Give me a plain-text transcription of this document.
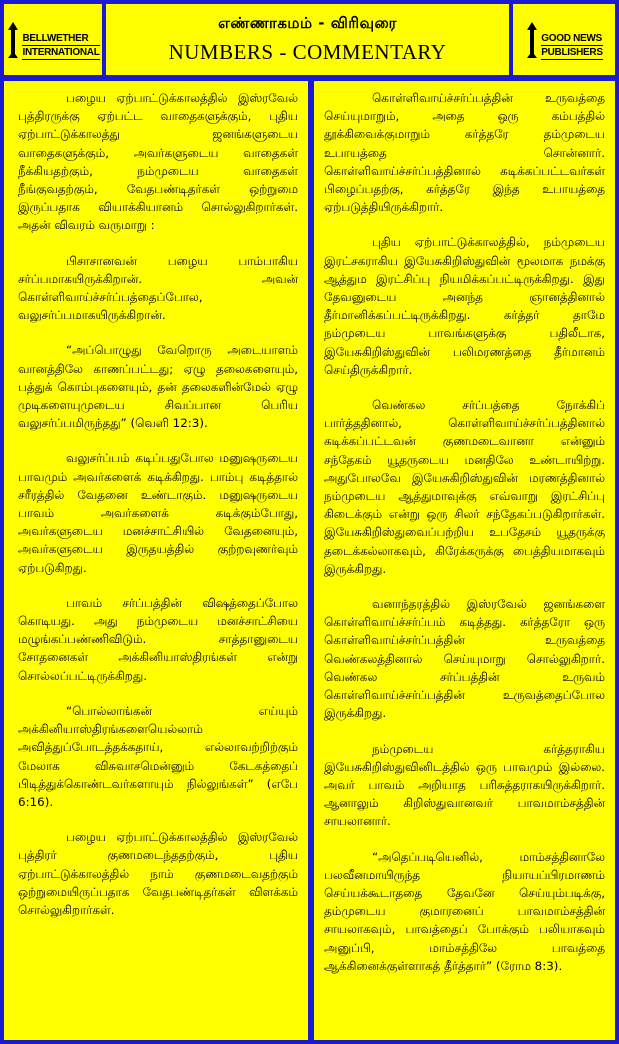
BELLWETHER
INTERNATIONAL
எண்ணாகமம் - விரிவுரை
NUMBERS - COMMENTARY
GOOD NEWS
PUBLISHERS

பழைய ஏற்பாட்டுக்காலத்தில் இஸ்ரவேல் புத்திரருக்கு ஏற்பட்ட வாதைகளுக்கும், புதிய ஏற்பாட்டுக்காலத்து ஜனங்களுடைய வாதைகளுக்கும், அவர்களுடைய வாதைகள் நீக்கியதற்கும், நம்முடைய வாதைகள் நீங்குவதற்கும், வேதபண்டிதர்கள் ஒற்றுமை இருப்பதாக வியாக்கியானம் சொல்லுகிறார்கள். அதன் விவரம் வருமாறு :

பிசாசானவன் பழைய பாம்பாகிய சர்ப்பமாகயிருக்கிறான். அவன் கொள்ளிவாய்ச்சர்ப்பத்தைப்போல, வலுசர்ப்பமாகயிருக்கிறான்.

“அப்பொழுது வேறொரு அடையாளம் வானத்திலே காணப்பட்டது; ஏழு தலைகளையும், பத்துக் கொம்புகளையும், தன் தலைகளின்மேல் ஏழு முடிகளையுமுடைய சிவப்பான பெரிய வலுசர்ப்பமிருந்தது” (வெளி 12:3).

வலுசர்ப்பம் கடிப்பதுபோல மனுஷருடைய பாவமும் அவர்களைக் கடிக்கிறது. பாம்பு கடித்தால் சரீரத்தில் வேதனை உண்டாகும். மனுஷருடைய பாவம் அவர்களைக் கடிக்கும்போது, அவர்களுடைய மனச்சாட்சியில் வேதனையும், அவர்களுடைய இருதயத்தில் குற்றவுணர்வும் ஏற்படுகிறது.

பாவம் சர்ப்பத்தின் விஷத்தைப்போல கொடியது. அது நம்முடைய மனச்சாட்சியை மழுங்கப்பண்ணிவிடும். சாத்தானுடைய சோதனைகள் அக்கினியாஸ்திரங்கள் என்று சொல்லப்பட்டிருக்கிறது.

“பொல்லாங்கன் எய்யும் அக்கினியாஸ்திரங்களையெல்லாம் அவித்துப்போடத்தக்கதாய், எல்லாவற்றிற்கும் மேலாக விசுவாசமென்னும் கேடகத்தைப் பிடித்துக்கொண்டவர்களாயும் நில்லுங்கள்” (எபே 6:16).

பழைய ஏற்பாட்டுக்காலத்தில் இஸ்ரவேல் புத்திரர் குணமடைந்ததற்கும், புதிய ஏற்பாட்டுக்காலத்தில் நாம் குணமடைவதற்கும் ஒற்றுமையிருப்பதாக வேதபண்டிதர்கள் விளக்கம் சொல்லுகிறார்கள்.

கொள்ளிவாய்ச்சர்ப்பத்தின் உருவத்தை செய்யுமாறும், அதை ஒரு கம்பத்தில் தூக்கிவைக்குமாறும் கர்த்தரே தம்முடைய உபாயத்தை சொன்னார். கொள்ளிவாய்ச்சர்ப்பத்தினால் கடிக்கப்பட்டவர்கள் பிழைப்பதற்கு, கர்த்தரே இந்த உபாயத்தை ஏற்படுத்தியிருக்கிறார்.

புதிய ஏற்பாட்டுக்காலத்தில், நம்முடைய இரட்சகராகிய இயேசுகிறிஸ்துவின் மூலமாக நமக்கு ஆத்தும இரட்சிப்பு நியமிக்கப்பட்டிருக்கிறது. இது தேவனுடைய அனந்த ஞானத்தினால் தீர்மானிக்கப்பட்டிருக்கிறது. கர்த்தர் தாமே நம்முடைய பாவங்களுக்கு பதிலீடாக, இயேசுகிறிஸ்துவின் பலிமரணத்தை தீர்மானம் செய்திருக்கிறார்.

வெண்கல சர்ப்பத்தை நோக்கிப் பார்த்ததினால், கொள்ளிவாய்ச்சர்ப்பத்தினால் கடிக்கப்பட்டவன் குணமடைவானா என்னும் சந்தேகம் யூதருடைய மனதிலே உண்டாயிற்று. அதுபோலவே இயேசுகிறிஸ்துவின் மரணத்தினால் நம்முடைய ஆத்துமாவுக்கு எவ்வாறு இரட்சிப்பு கிடைக்கும் என்று ஒரு சிலர் சந்தேகப்படுகிறார்கள். இயேசுகிறிஸ்துவைப்பற்றிய உபதேசம் யூதருக்கு தடைக்கல்லாகவும், கிரேக்கருக்கு பைத்தியமாகவும் இருக்கிறது.

வனாந்தரத்தில் இஸ்ரவேல் ஜனங்களை கொள்ளிவாய்ச்சர்ப்பம் கடித்தது. கர்த்தரோ ஒரு கொள்ளிவாய்ச்சர்ப்பத்தின் உருவத்தை வெண்கலத்தினால் செய்யுமாறு சொல்லுகிறார். வெண்கல சர்ப்பத்தின் உருவம் கொள்ளிவாய்ச்சர்ப்பத்தின் உருவத்தைப்போல இருக்கிறது.

நம்முடைய கர்த்தராகிய இயேசுகிறிஸ்துவினிடத்தில் ஒரு பாவமும் இல்லை. அவர் பாவம் அறியாத பரிசுத்தராகயிருக்கிறார். ஆனாலும் கிறிஸ்துவானவர் பாவமாம்சத்தின் சாயலானார்.

“அதெப்படியெனில், மாம்சத்தினாலே பலவீனமாயிருந்த நியாயப்பிரமாணம் செய்யக்கூடாததை தேவனே செய்யும்படிக்கு, தம்முடைய குமாரனைப் பாவமாம்சத்தின் சாயலாகவும், பாவத்தைப் போக்கும் பலியாகவும் அனுப்பி, மாம்சத்திலே பாவத்தை ஆக்கினைக்குள்ளாகத் தீர்த்தார்” (ரோம 8:3).
